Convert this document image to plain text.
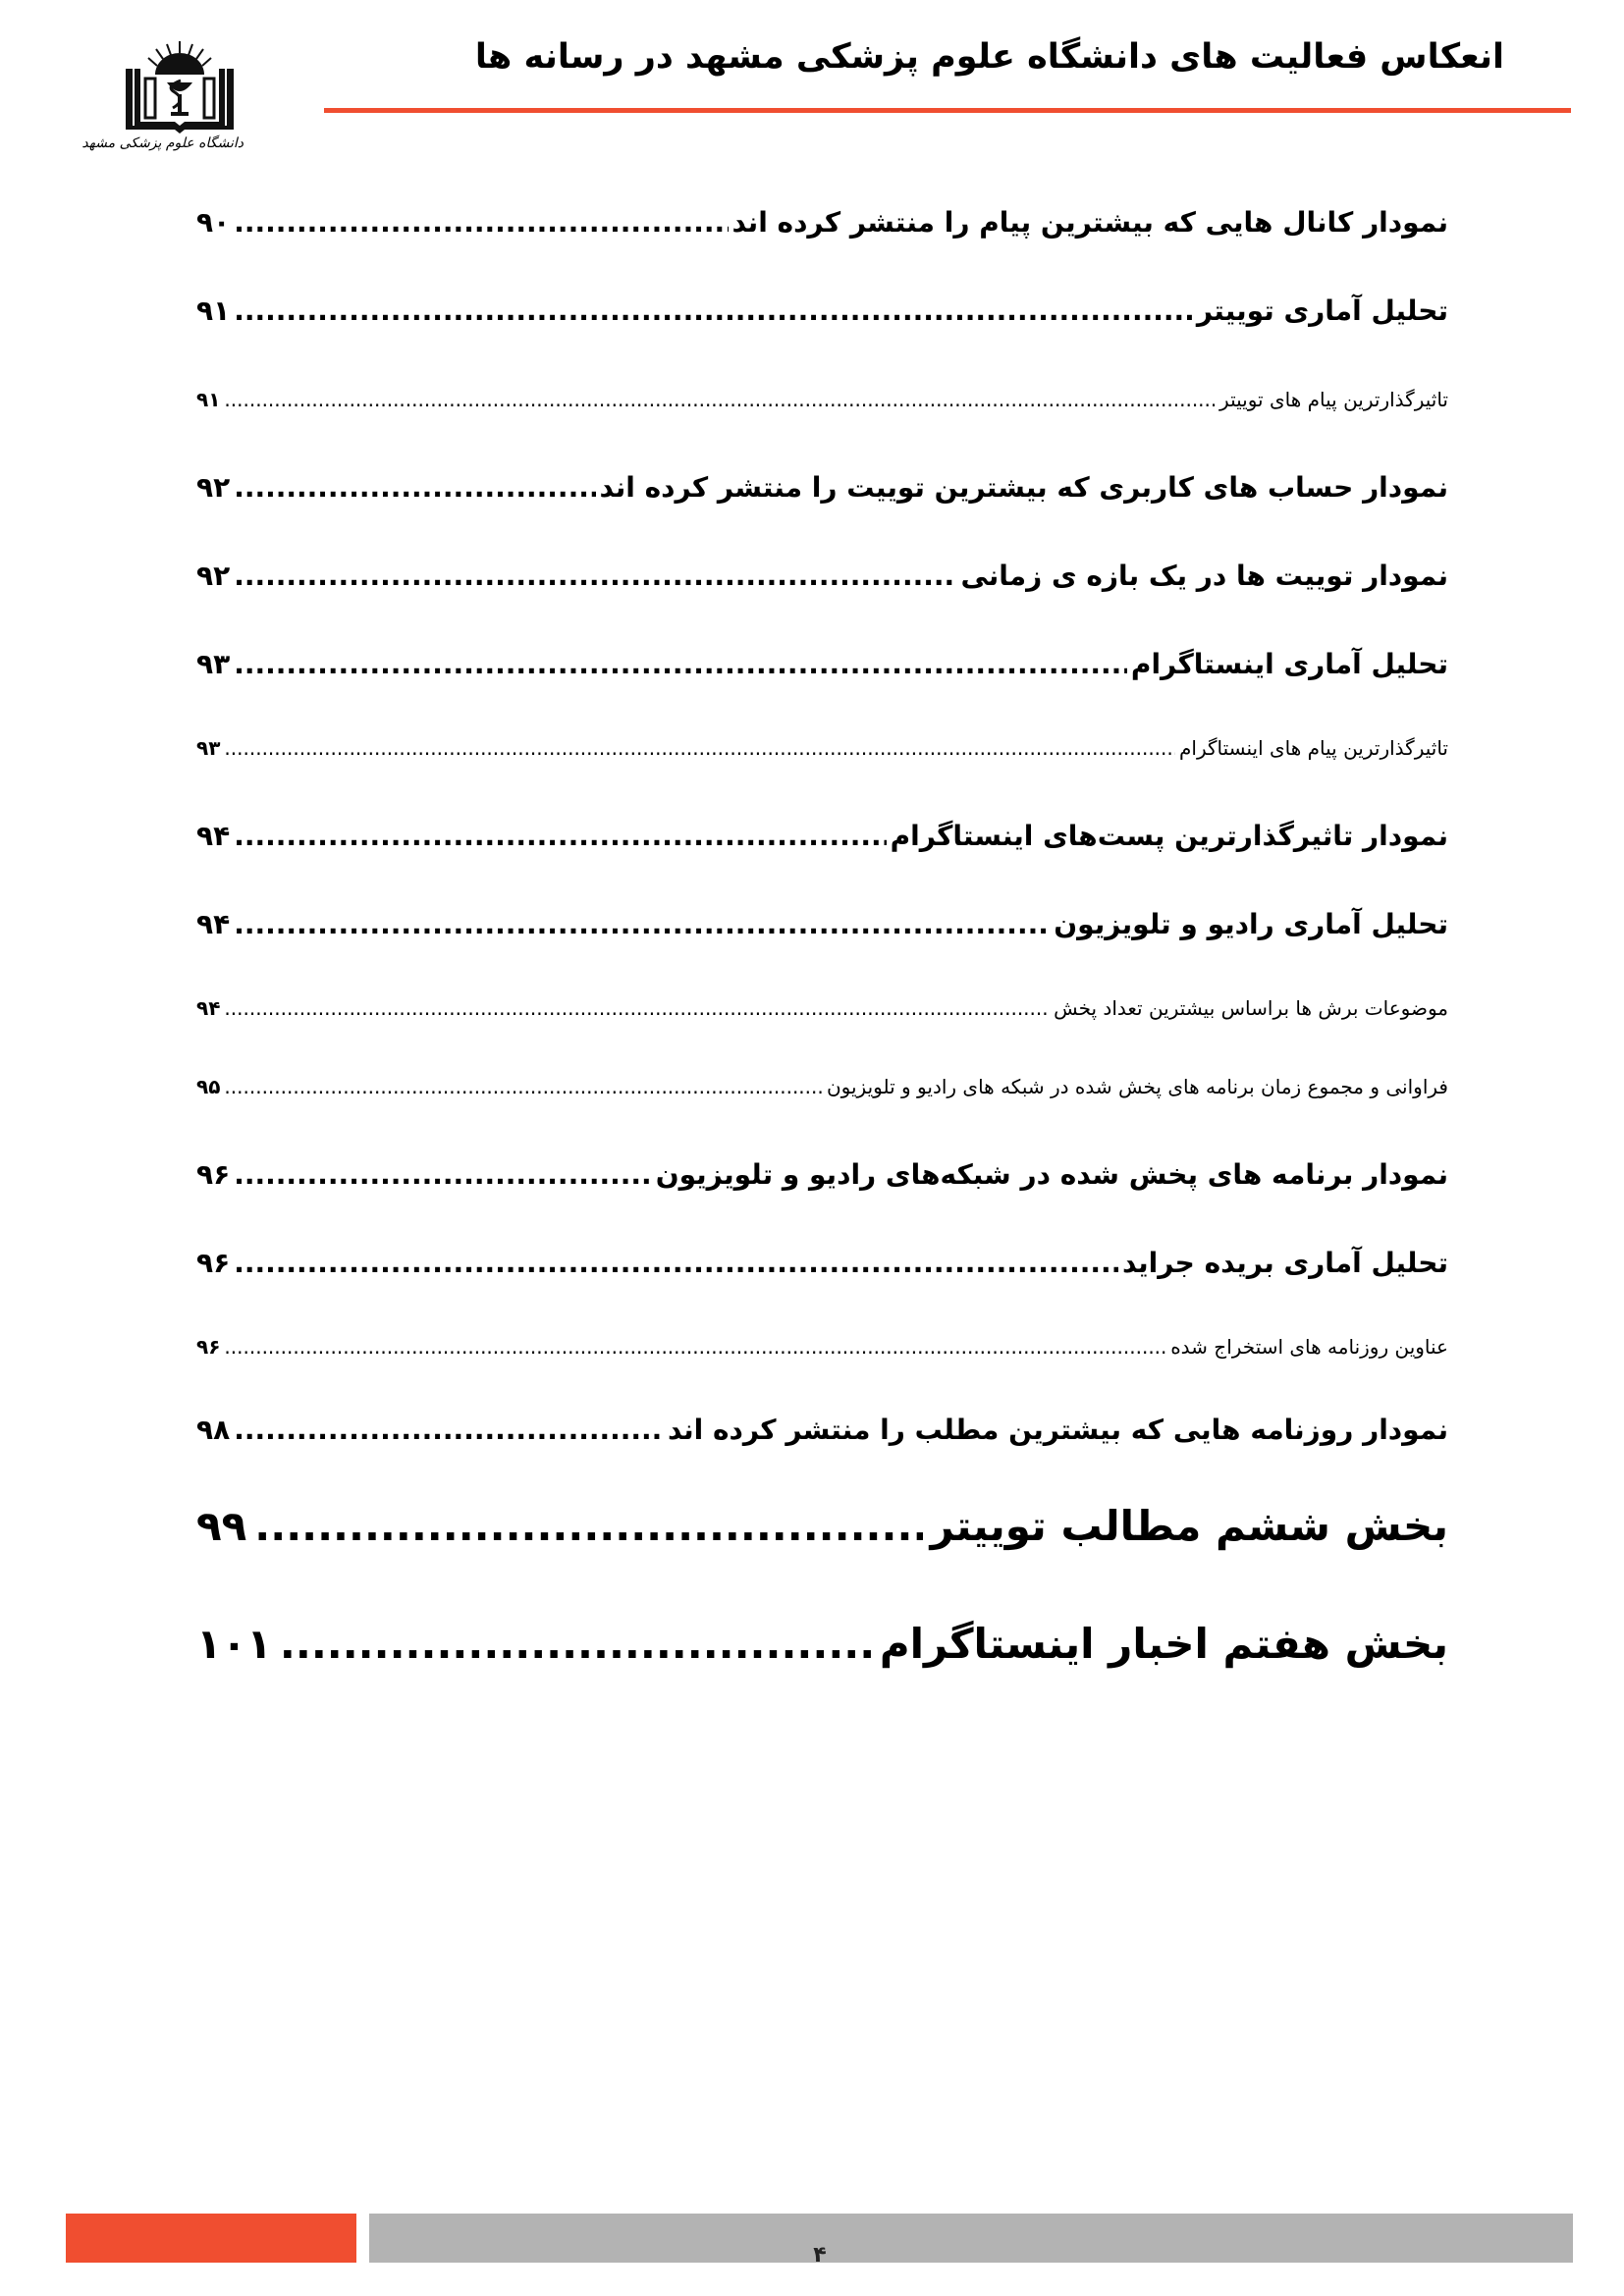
انعکاس فعالیت های دانشگاه علوم پزشکی مشهد در رسانه ها
دانشگاه علوم پزشکی مشهد
نمودار کانال هایی که بیشترین پیام را منتشر کرده اند
.....
۹۰
تحلیل آماری توییتر
.....
۹۱
تاثیرگذارترین پیام های توییتر
.....
۹۱
نمودار حساب های کاربری که بیشترین توییت را منتشر کرده اند
.....
۹۲
نمودار توییت ها در یک بازه ی زمانی
.....
۹۲
تحلیل آماری اینستاگرام
.....
۹۳
تاثیرگذارترین پیام های اینستاگرام
.....
۹۳
نمودار تاثیرگذارترین پست‌های اینستاگرام
.....
۹۴
تحلیل آماری رادیو و تلویزیون
.....
۹۴
موضوعات برش ها براساس بیشترین تعداد پخش
.....
۹۴
فراوانی و مجموع زمان برنامه های پخش شده در شبکه های رادیو و تلویزیون
.....
۹۵
نمودار برنامه های پخش شده در شبکه‌های رادیو و تلویزیون
.....
۹۶
تحلیل آماری بریده جراید
.....
۹۶
عناوین روزنامه های استخراج شده
.....
۹۶
نمودار روزنامه هایی که بیشترین مطلب را منتشر کرده اند
.....
۹۸
بخش ششم مطالب توییتر
.....
۹۹
بخش هفتم اخبار اینستاگرام
.....
۱۰۱
۴
